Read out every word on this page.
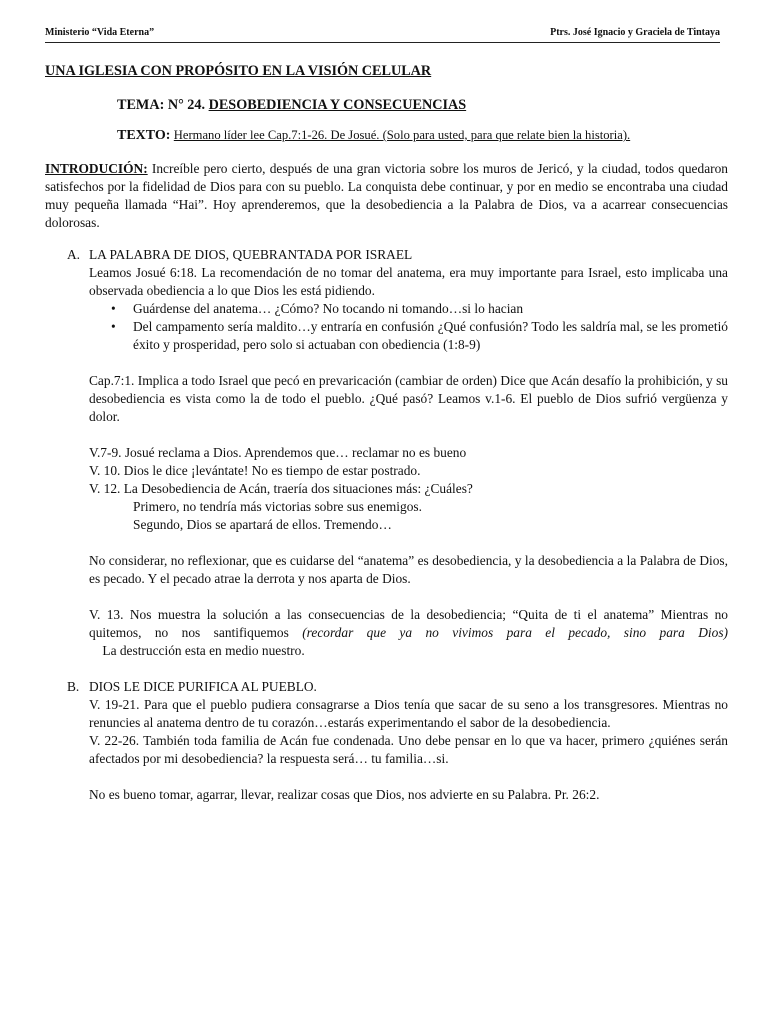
Ministerio “Vida Eterna”	Ptrs. José Ignacio y Graciela de Tintaya

UNA IGLESIA CON PROPÓSITO EN LA VISIÓN CELULAR

TEMA: N° 24. DESOBEDIENCIA Y CONSECUENCIAS
TEXTO: Hermano líder lee Cap.7:1-26. De Josué. (Solo para usted, para que relate bien la historia).

INTRODUCIÓN: Increíble pero cierto, después de una gran victoria sobre los muros de Jericó, y la ciudad, todos quedaron satisfechos por la fidelidad de Dios para con su pueblo. La conquista debe continuar, y por en medio se encontraba una ciudad muy pequeña llamada “Hai”. Hoy aprenderemos, que la desobediencia a la Palabra de Dios, va a acarrear consecuencias dolorosas.

A. LA PALABRA DE DIOS, QUEBRANTADA POR ISRAEL

Leamos Josué 6:18. La recomendación de no tomar del anatema, era muy importante para Israel, esto implicaba una observada obediencia a lo que Dios les está pidiendo.

• Guárdense del anatema… ¿Cómo? No tocando ni tomando…si lo hacian
• Del campamento sería maldito…y entraría en confusión ¿Qué confusión? Todo les saldría mal, se les prometió éxito y prosperidad, pero solo si actuaban con obediencia (1:8-9)

Cap.7:1. Implica a todo Israel que pecó en prevaricación (cambiar de orden) Dice que Acán desafío la prohibición, y su desobediencia es vista como la de todo el pueblo. ¿Qué pasó? Leamos v.1-6. El pueblo de Dios sufrió vergüenza y dolor.

V.7-9. Josué reclama a Dios. Aprendemos que… reclamar no es bueno

V. 10. Dios le dice ¡levántate! No es tiempo de estar postrado.

V. 12. La Desobediencia de Acán, traería dos situaciones más: ¿Cuáles?

Primero, no tendría más victorias sobre sus enemigos.

Segundo, Dios se apartará de ellos. Tremendo…

No considerar, no reflexionar, que es cuidarse del “anatema” es desobediencia, y la desobediencia a la Palabra de Dios, es pecado. Y el pecado atrae la derrota y nos aparta de Dios.

V. 13. Nos muestra la solución a las consecuencias de la desobediencia; “Quita de ti el anatema” Mientras no quitemos, no nos santifiquemos (recordar que ya no vivimos para el pecado, sino para Dios)    La destrucción esta en medio nuestro.

B. DIOS LE DICE PURIFICA AL PUEBLO.

V. 19-21. Para que el pueblo pudiera consagrarse a Dios tenía que sacar de su seno a los transgresores. Mientras no renuncies al anatema dentro de tu corazón…estarás experimentando el sabor de la desobediencia.

V. 22-26. También toda familia de Acán fue condenada. Uno debe pensar en lo que va hacer, primero ¿quiénes serán afectados por mi desobediencia? la respuesta será… tu familia…si.

No es bueno tomar, agarrar, llevar, realizar cosas que Dios, nos advierte en su Palabra. Pr. 26:2.
